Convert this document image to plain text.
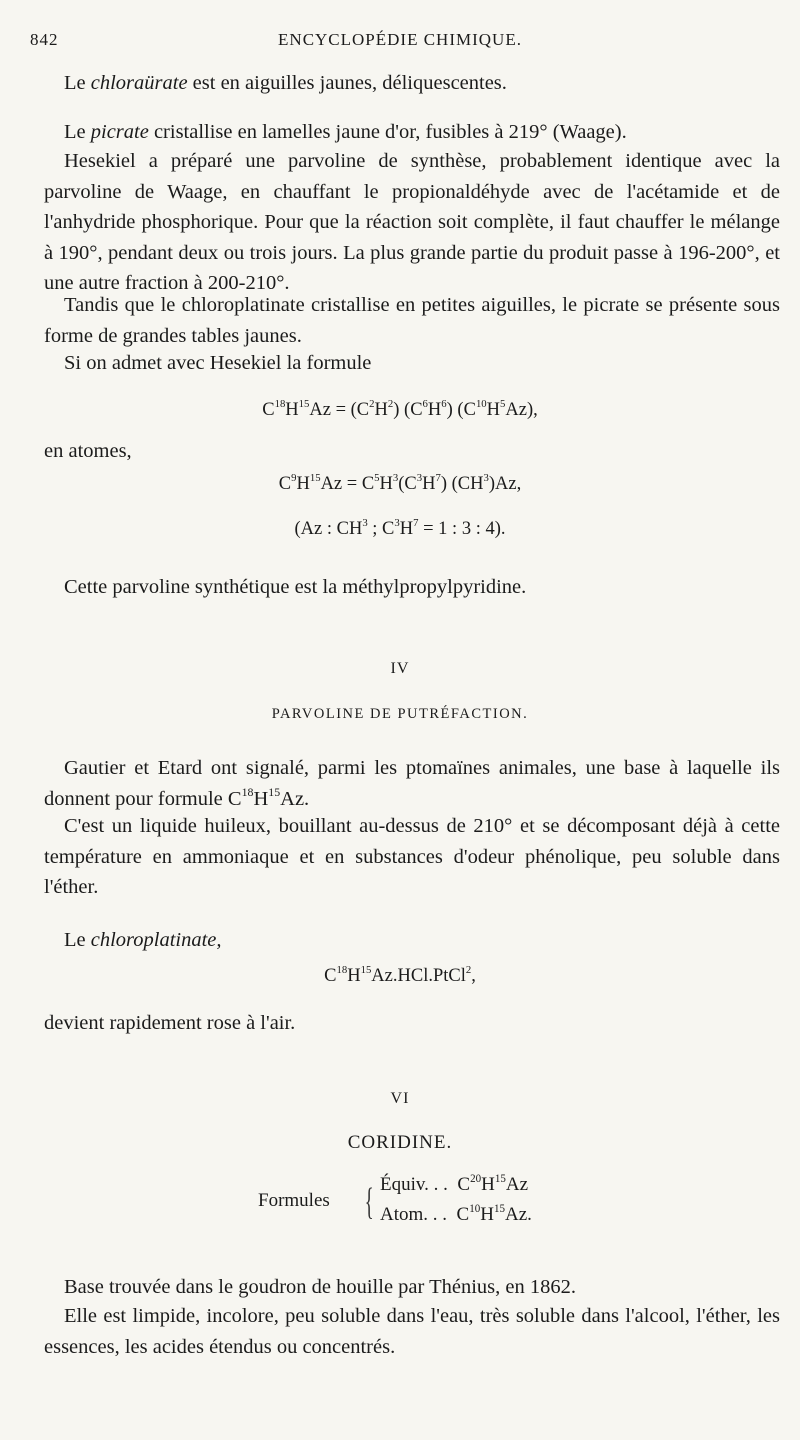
842	ENCYCLOPÉDIE CHIMIQUE.
Le chloraürate est en aiguilles jaunes, déliquescentes.
Le picrate cristallise en lamelles jaune d'or, fusibles à 219° (Waage).
Hesekiel a préparé une parvoline de synthèse, probablement identique avec la parvoline de Waage, en chauffant le propionaldéhyde avec de l'acétamide et de l'anhydride phosphorique. Pour que la réaction soit complète, il faut chauffer le mélange à 190°, pendant deux ou trois jours. La plus grande partie du produit passe à 196-200°, et une autre fraction à 200-210°.
Tandis que le chloroplatinate cristallise en petites aiguilles, le picrate se présente sous forme de grandes tables jaunes.
Si on admet avec Hesekiel la formule
$C^{18}H^{15}Az = (C^2H^2)$ $(C^6H^6)$ $(C^{10}H^5Az)$,
en atomes,
$C^9H^{15}Az = C^5H^3(C^3H^7)$ $(CH^3)Az$,
(Az : $CH^3$ ; $C^3H^7 = 1$ : 3 : 4).
Cette parvoline synthétique est la méthylpropylpyridine.
IV
PARVOLINE DE PUTRÉFACTION.
Gautier et Etard ont signalé, parmi les ptomaïnes animales, une base à laquelle ils donnent pour formule $C^{18}H^{15}Az$.
C'est un liquide huileux, bouillant au-dessus de 210° et se décomposant déjà à cette température en ammoniaque et en substances d'odeur phénolique, peu soluble dans l'éther.
Le chloroplatinate,
$C^{18}H^{15}Az.HCl.PtCl^2$,
devient rapidement rose à l'air.
VI
CORIDINE.
Formules { Équiv. . .  $C^{20}H^{15}Az$
Atom. . .  $C^{10}H^{15}Az$.
Base trouvée dans le goudron de houille par Thénius, en 1862.
Elle est limpide, incolore, peu soluble dans l'eau, très soluble dans l'alcool, l'éther, les essences, les acides étendus ou concentrés.
